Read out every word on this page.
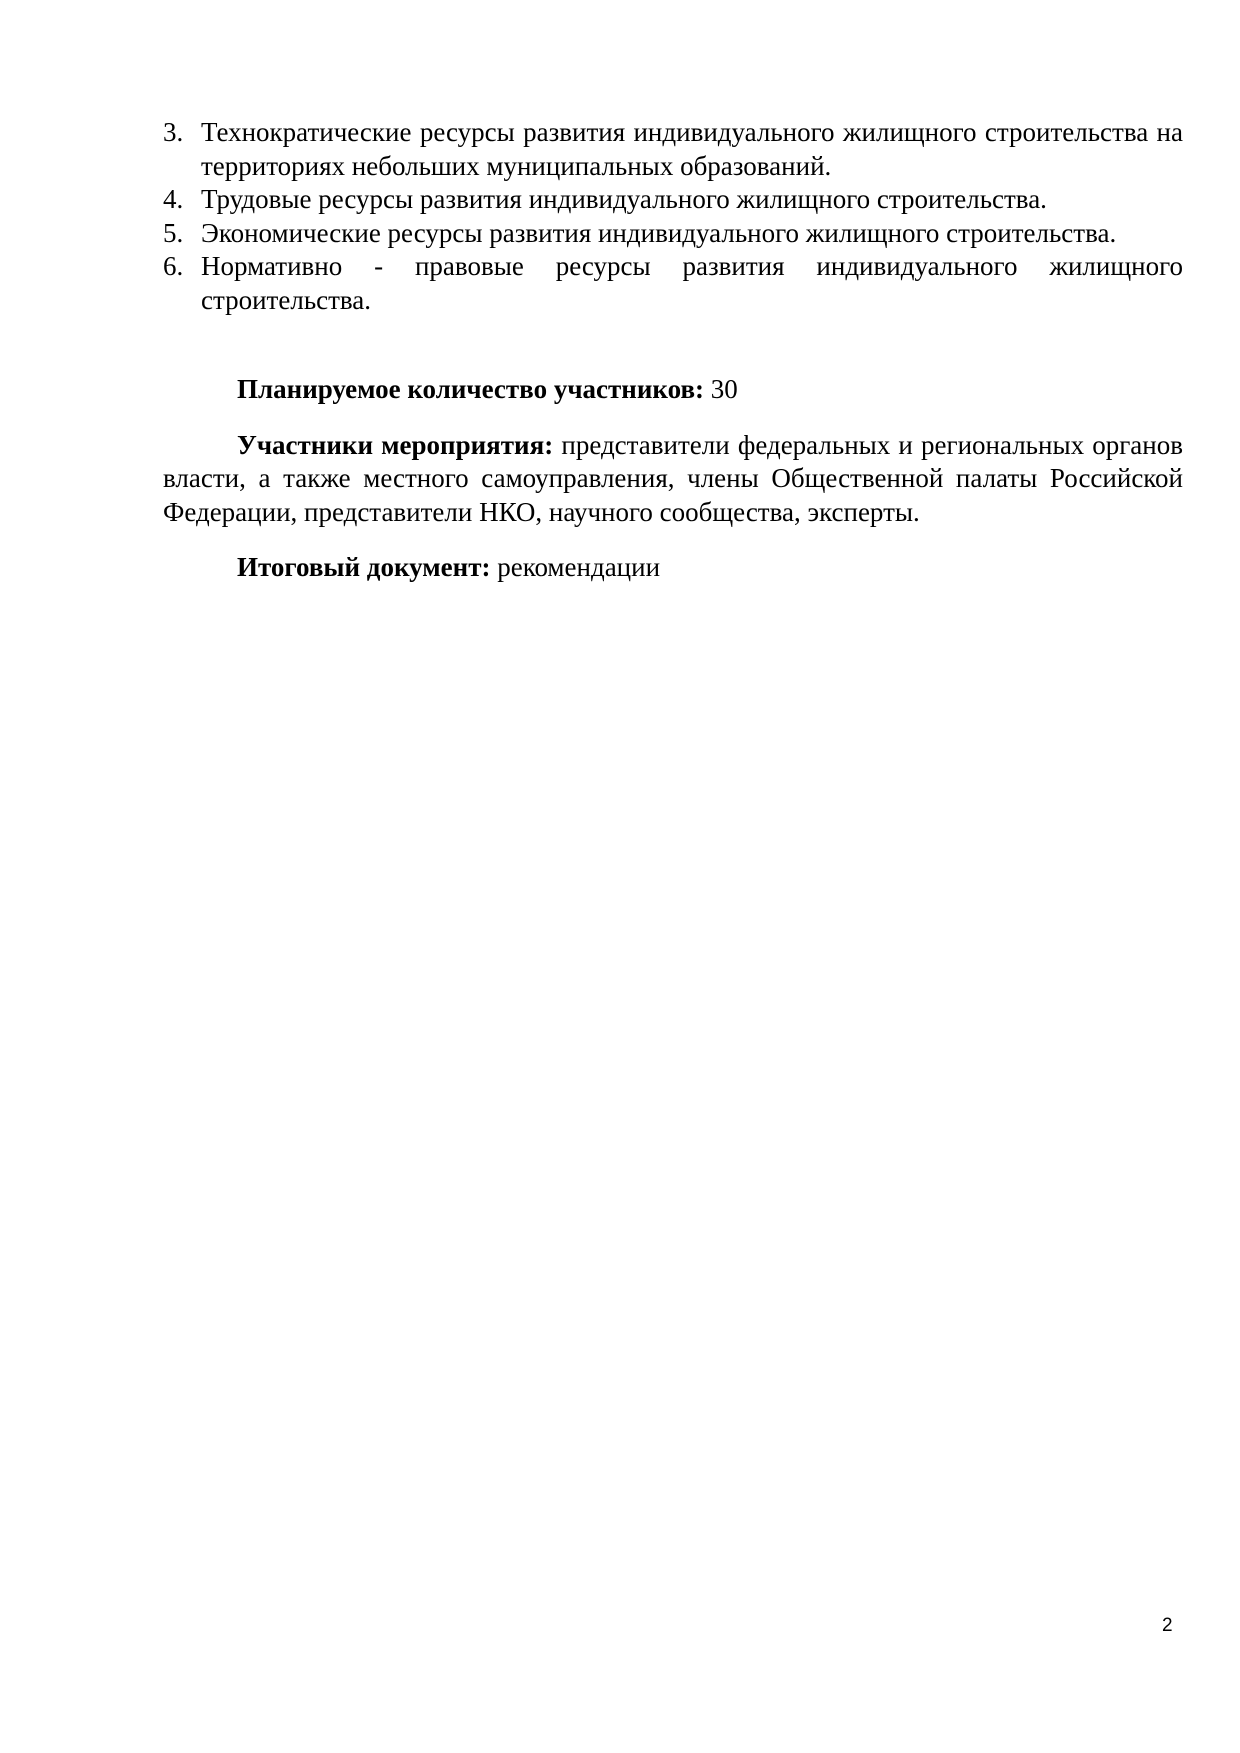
3. Технократические ресурсы развития индивидуального жилищного строительства на территориях небольших муниципальных образований.
4. Трудовые ресурсы развития индивидуального жилищного строительства.
5. Экономические ресурсы развития индивидуального жилищного строительства.
6. Нормативно - правовые ресурсы развития индивидуального жилищного строительства.

Планируемое количество участников: 30

Участники мероприятия: представители федеральных и региональных органов власти, а также местного самоуправления, члены Общественной палаты Российской Федерации, представители НКО, научного сообщества, эксперты.

Итоговый документ: рекомендации

2
